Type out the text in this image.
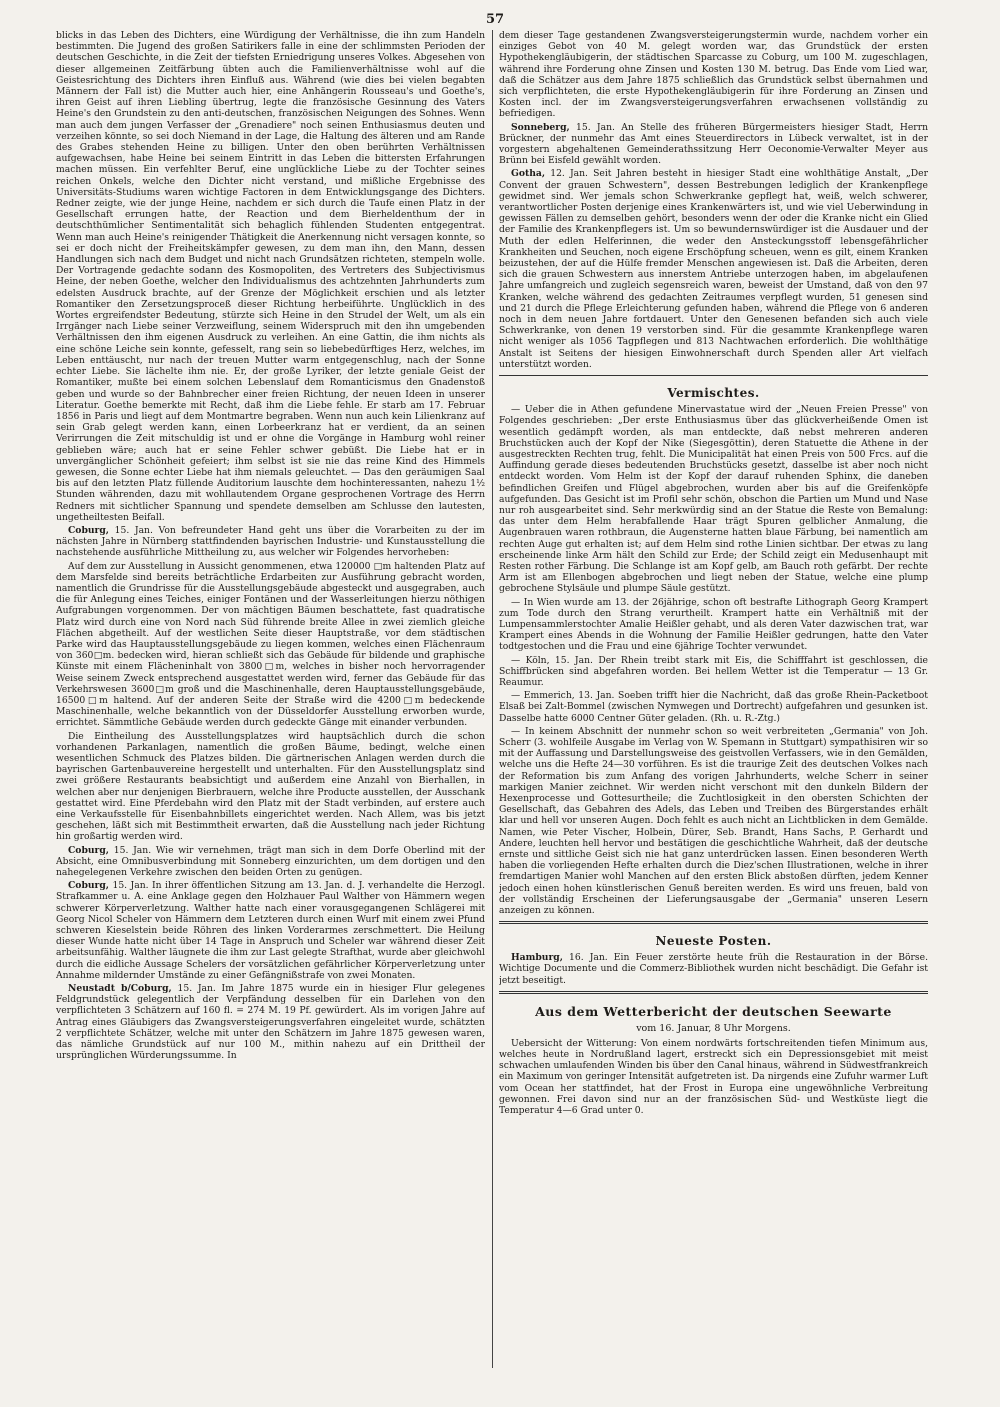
57

blicks in das Leben des Dichters, eine Würdigung der Verhältnisse, die ihn zum Handeln bestimmten. Die Jugend des großen Satirikers falle in eine der schlimmsten Perioden der deutschen Geschichte, in die Zeit der tiefsten Erniedrigung unseres Volkes. Abgesehen von dieser allgemeinen Zeitfärbung übten auch die Familienverhältnisse wohl auf die Geistesrichtung des Dichters ihren Einfluß aus. Während (wie dies bei vielen begabten Männern der Fall ist) die Mutter auch hier, eine Anhängerin Rousseau's und Goethe's, ihren Geist auf ihren Liebling übertrug, legte die französische Gesinnung des Vaters Heine's den Grundstein zu den anti-deutschen, französischen Neigungen des Sohnes. Wenn man auch dem jungen Verfasser der „Grenadiere" noch seinen Enthusiasmus deuten und verzeihen könnte, so sei doch Niemand in der Lage, die Haltung des älteren und am Rande des Grabes stehenden Heine zu billigen. Unter den oben berührten Verhältnissen aufgewachsen, habe Heine bei seinem Eintritt in das Leben die bittersten Erfahrungen machen müssen. Ein verfehlter Beruf, eine unglückliche Liebe zu der Tochter seines reichen Onkels, welche den Dichter nicht verstand, und mißliche Ergebnisse des Universitäts-Studiums waren wichtige Factoren in dem Entwicklungsgange des Dichters. Redner zeigte, wie der junge Heine, nachdem er sich durch die Taufe einen Platz in der Gesellschaft errungen hatte, der Reaction und dem Bierheldenthum der in deutschthümlicher Sentimentalität sich behaglich fühlenden Studenten entgegentrat. Wenn man auch Heine's reinigender Thätigkeit die Anerkennung nicht versagen konnte, so sei er doch nicht der Freiheitskämpfer gewesen, zu dem man ihn, den Mann, dessen Handlungen sich nach dem Budget und nicht nach Grundsätzen richteten, stempeln wolle. Der Vortragende gedachte sodann des Kosmopoliten, des Vertreters des Subjectivismus Heine, der neben Goethe, welcher den Individualismus des achtzehnten Jahrhunderts zum edelsten Ausdruck brachte, auf der Grenze der Möglichkeit erschien und als letzter Romantiker den Zersetzungsproceß dieser Richtung herbeiführte. Unglücklich in des Wortes ergreifendster Bedeutung, stürzte sich Heine in den Strudel der Welt, um als ein Irrgänger nach Liebe seiner Verzweiflung, seinem Widerspruch mit den ihn umgebenden Verhältnissen den ihm eigenen Ausdruck zu verleihen. An eine Gattin, die ihm nichts als eine schöne Leiche sein konnte, gefesselt, rang sein so liebebedürftiges Herz, welches, im Leben enttäuscht, nur nach der treuen Mutter warm entgegenschlug, nach der Sonne echter Liebe. Sie lächelte ihm nie. Er, der große Lyriker, der letzte geniale Geist der Romantiker, mußte bei einem solchen Lebenslauf dem Romanticismus den Gnadenstoß geben und wurde so der Bahnbrecher einer freien Richtung, der neuen Ideen in unserer Literatur. Goethe bemerkte mit Recht, daß ihm die Liebe fehle. Er starb am 17. Februar 1856 in Paris und liegt auf dem Montmartre begraben. Wenn nun auch kein Lilienkranz auf sein Grab gelegt werden kann, einen Lorbeerkranz hat er verdient, da an seinen Verirrungen die Zeit mitschuldig ist und er ohne die Vorgänge in Hamburg wohl reiner geblieben wäre; auch hat er seine Fehler schwer gebüßt. Die Liebe hat er in unvergänglicher Schönheit gefeiert; ihm selbst ist sie nie das reine Kind des Himmels gewesen, die Sonne echter Liebe hat ihm niemals geleuchtet. — Das den geräumigen Saal bis auf den letzten Platz füllende Auditorium lauschte dem hochinteressanten, nahezu 1½ Stunden währenden, dazu mit wohllautendem Organe gesprochenen Vortrage des Herrn Redners mit sichtlicher Spannung und spendete demselben am Schlusse den lautesten, ungetheiltesten Beifall.

Coburg, 15. Jan. Von befreundeter Hand geht uns über die Vorarbeiten zu der im nächsten Jahre in Nürnberg stattfindenden bayrischen Industrie- und Kunstausstellung die nachstehende ausführliche Mittheilung zu, aus welcher wir Folgendes hervorheben:

Auf dem zur Ausstellung in Aussicht genommenen, etwa 120000 □m haltenden Platz auf dem Marsfelde sind bereits beträchtliche Erdarbeiten zur Ausführung gebracht worden, namentlich die Grundrisse für die Ausstellungsgebäude abgesteckt und ausgegraben, auch die für Anlegung eines Teiches, einiger Fontänen und der Wasserleitungen hierzu nöthigen Aufgrabungen vorgenommen. Der von mächtigen Bäumen beschattete, fast quadratische Platz wird durch eine von Nord nach Süd führende breite Allee in zwei ziemlich gleiche Flächen abgetheilt. Auf der westlichen Seite dieser Hauptstraße, vor dem städtischen Parke wird das Hauptausstellungsgebäude zu liegen kommen, welches einen Flächenraum von 360□m. bedecken wird, hieran schließt sich das Gebäude für bildende und graphische Künste mit einem Flächeninhalt von 3800□m, welches in bisher noch hervorragender Weise seinem Zweck entsprechend ausgestattet werden wird, ferner das Gebäude für das Verkehrswesen 3600□m groß und die Maschinenhalle, deren Hauptausstellungsgebäude, 16500□m haltend. Auf der anderen Seite der Straße wird die 4200□m bedeckende Maschinenhalle, welche bekanntlich von der Düsseldorfer Ausstellung erworben wurde, errichtet. Sämmtliche Gebäude werden durch gedeckte Gänge mit einander verbunden.

Die Eintheilung des Ausstellungsplatzes wird hauptsächlich durch die schon vorhandenen Parkanlagen, namentlich die großen Bäume, bedingt, welche einen wesentlichen Schmuck des Platzes bilden. Die gärtnerischen Anlagen werden durch die bayrischen Gartenbauvereine hergestellt und unterhalten. Für den Ausstellungsplatz sind zwei größere Restaurants beabsichtigt und außerdem eine Anzahl von Bierhallen, in welchen aber nur denjenigen Bierbrauern, welche ihre Producte ausstellen, der Ausschank gestattet wird. Eine Pferdebahn wird den Platz mit der Stadt verbinden, auf erstere auch eine Verkaufsstelle für Eisenbahnbillets eingerichtet werden. Nach Allem, was bis jetzt geschehen, läßt sich mit Bestimmtheit erwarten, daß die Ausstellung nach jeder Richtung hin großartig werden wird.

Coburg, 15. Jan. Wie wir vernehmen, trägt man sich in dem Dorfe Oberlind mit der Absicht, eine Omnibusverbindung mit Sonneberg einzurichten, um dem dortigen und den nahegelegenen Verkehre zwischen den beiden Orten zu genügen.

Coburg, 15. Jan. In ihrer öffentlichen Sitzung am 13. Jan. d. J. verhandelte die Herzogl. Strafkammer u. A. eine Anklage gegen den Holzhauer Paul Walther von Hämmern wegen schwerer Körperverletzung. Walther hatte nach einer vorausgegangenen Schlägerei mit Georg Nicol Scheler von Hämmern dem Letzteren durch einen Wurf mit einem zwei Pfund schweren Kieselstein beide Röhren des linken Vorderarmes zerschmettert. Die Heilung dieser Wunde hatte nicht über 14 Tage in Anspruch und Scheler war während dieser Zeit arbeitsunfähig. Walther läugnete die ihm zur Last gelegte Strafthat, wurde aber gleichwohl durch die eidliche Aussage Schelers der vorsätzlichen gefährlicher Körperverletzung unter Annahme mildernder Umstände zu einer Gefängnißstrafe von zwei Monaten.

Neustadt b/Coburg, 15. Jan. Im Jahre 1875 wurde ein in hiesiger Flur gelegenes Feldgrundstück gelegentlich der Verpfändung desselben für ein Darlehen von den verpflichteten 3 Schätzern auf 160 fl. = 274 M. 19 Pf. gewürdert. Als im vorigen Jahre auf Antrag eines Gläubigers das Zwangsversteigerungsverfahren eingeleitet wurde, schätzten 2 verpflichtete Schätzer, welche mit unter den Schätzern im Jahre 1875 gewesen waren, das nämliche Grundstück auf nur 100 M., mithin nahezu auf ein Drittheil der ursprünglichen Würderungssumme. In

dem dieser Tage gestandenen Zwangsversteigerungstermin wurde, nachdem vorher ein einziges Gebot von 40 M. gelegt worden war, das Grundstück der ersten Hypothekengläubigerin, der städtischen Sparcasse zu Coburg, um 100 M. zugeschlagen, während ihre Forderung ohne Zinsen und Kosten 130 M. betrug. Das Ende vom Lied war, daß die Schätzer aus dem Jahre 1875 schließlich das Grundstück selbst übernahmen und sich verpflichteten, die erste Hypothekengläubigerin für ihre Forderung an Zinsen und Kosten incl. der im Zwangsversteigerungsverfahren erwachsenen vollständig zu befriedigen.

Sonneberg, 15. Jan. An Stelle des früheren Bürgermeisters hiesiger Stadt, Herrn Brückner, der nunmehr das Amt eines Steuerdirectors in Lübeck verwaltet, ist in der vorgestern abgehaltenen Gemeinderathssitzung Herr Oeconomie-Verwalter Meyer aus Brünn bei Eisfeld gewählt worden.

Gotha, 12. Jan. Seit Jahren besteht in hiesiger Stadt eine wohlthätige Anstalt, „Der Convent der grauen Schwestern", dessen Bestrebungen lediglich der Krankenpflege gewidmet sind. Wer jemals schon Schwerkranke gepflegt hat, weiß, welch schwerer, verantwortlicher Posten derjenige eines Krankenwärters ist, und wie viel Ueberwindung in gewissen Fällen zu demselben gehört, besonders wenn der oder die Kranke nicht ein Glied der Familie des Krankenpflegers ist. Um so bewundernswürdiger ist die Ausdauer und der Muth der edlen Helferinnen, die weder den Ansteckungsstoff lebensgefährlicher Krankheiten und Seuchen, noch eigene Erschöpfung scheuen, wenn es gilt, einem Kranken beizustehen, der auf die Hülfe fremder Menschen angewiesen ist. Daß die Arbeiten, deren sich die grauen Schwestern aus innerstem Antriebe unterzogen haben, im abgelaufenen Jahre umfangreich und zugleich segensreich waren, beweist der Umstand, daß von den 97 Kranken, welche während des gedachten Zeitraumes verpflegt wurden, 51 genesen sind und 21 durch die Pflege Erleichterung gefunden haben, während die Pflege von 6 anderen noch in dem neuen Jahre fortdauert. Unter den Genesenen befanden sich auch viele Schwerkranke, von denen 19 verstorben sind. Für die gesammte Krankenpflege waren nicht weniger als 1056 Tagpflegen und 813 Nachtwachen erforderlich. Die wohlthätige Anstalt ist Seitens der hiesigen Einwohnerschaft durch Spenden aller Art vielfach unterstützt worden.

Vermischtes.

— Ueber die in Athen gefundene Minervastatue wird der „Neuen Freien Presse" von Folgendes geschrieben: „Der erste Enthusiasmus über das glückverheißende Omen ist wesentlich gedämpft worden, als man entdeckte, daß nebst mehreren anderen Bruchstücken auch der Kopf der Nike (Siegesgöttin), deren Statuette die Athene in der ausgestreckten Rechten trug, fehlt. Die Municipalität hat einen Preis von 500 Frcs. auf die Auffindung gerade dieses bedeutenden Bruchstücks gesetzt, dasselbe ist aber noch nicht entdeckt worden. Vom Helm ist der Kopf der darauf ruhenden Sphinx, die daneben befindlichen Greifen und Flügel abgebrochen, wurden aber bis auf die Greifenköpfe aufgefunden. Das Gesicht ist im Profil sehr schön, obschon die Partien um Mund und Nase nur roh ausgearbeitet sind. Sehr merkwürdig sind an der Statue die Reste von Bemalung: das unter dem Helm herabfallende Haar trägt Spuren gelblicher Anmalung, die Augenbrauen waren rothbraun, die Augensterne hatten blaue Färbung, bei namentlich am rechten Auge gut erhalten ist; auf dem Helm sind rothe Linien sichtbar. Der etwas zu lang erscheinende linke Arm hält den Schild zur Erde; der Schild zeigt ein Medusenhaupt mit Resten rother Färbung. Die Schlange ist am Kopf gelb, am Bauch roth gefärbt. Der rechte Arm ist am Ellenbogen abgebrochen und liegt neben der Statue, welche eine plump gebrochene Stylsäule und plumpe Säule gestützt.

— In Wien wurde am 13. der 26jährige, schon oft bestrafte Lithograph Georg Krampert zum Tode durch den Strang verurtheilt. Krampert hatte ein Verhältniß mit der Lumpensammlerstochter Amalie Heißler gehabt, und als deren Vater dazwischen trat, war Krampert eines Abends in die Wohnung der Familie Heißler gedrungen, hatte den Vater todtgestochen und die Frau und eine 6jährige Tochter verwundet.

— Köln, 15. Jan. Der Rhein treibt stark mit Eis, die Schifffahrt ist geschlossen, die Schiffbrücken sind abgefahren worden. Bei hellem Wetter ist die Temperatur — 13 Gr. Reaumur.

— Emmerich, 13. Jan. Soeben trifft hier die Nachricht, daß das große Rhein-Packetboot Elsaß bei Zalt-Bommel (zwischen Nymwegen und Dortrecht) aufgefahren und gesunken ist. Dasselbe hatte 6000 Centner Güter geladen. (Rh. u. R.-Ztg.)

— In keinem Abschnitt der nunmehr schon so weit verbreiteten „Germania" von Joh. Scherr (3. wohlfeile Ausgabe im Verlag von W. Spemann in Stuttgart) sympathisiren wir so mit der Auffassung und Darstellungsweise des geistvollen Verfassers, wie in den Gemälden, welche uns die Hefte 24—30 vorführen. Es ist die traurige Zeit des deutschen Volkes nach der Reformation bis zum Anfang des vorigen Jahrhunderts, welche Scherr in seiner markigen Manier zeichnet. Wir werden nicht verschont mit den dunkeln Bildern der Hexenprocesse und Gottesurtheile; die Zuchtlosigkeit in den obersten Schichten der Gesellschaft, das Gebahren des Adels, das Leben und Treiben des Bürgerstandes erhält klar und hell vor unseren Augen. Doch fehlt es auch nicht an Lichtblicken in dem Gemälde. Namen, wie Peter Vischer, Holbein, Dürer, Seb. Brandt, Hans Sachs, P. Gerhardt und Andere, leuchten hell hervor und bestätigen die geschichtliche Wahrheit, daß der deutsche ernste und sittliche Geist sich nie hat ganz unterdrücken lassen. Einen besonderen Werth haben die vorliegenden Hefte erhalten durch die Diez'schen Illustrationen, welche in ihrer fremdartigen Manier wohl Manchen auf den ersten Blick abstoßen dürften, jedem Kenner jedoch einen hohen künstlerischen Genuß bereiten werden. Es wird uns freuen, bald von der vollständig Erscheinen der Lieferungsausgabe der „Germania" unseren Lesern anzeigen zu können.

Neueste Posten.

Hamburg, 16. Jan. Ein Feuer zerstörte heute früh die Restauration in der Börse. Wichtige Documente und die Commerz-Bibliothek wurden nicht beschädigt. Die Gefahr ist jetzt beseitigt.

Aus dem Wetterbericht der deutschen Seewarte
vom 16. Januar, 8 Uhr Morgens.

Uebersicht der Witterung: Von einem nordwärts fortschreitenden tiefen Minimum aus, welches heute in Nordrußland lagert, erstreckt sich ein Depressionsgebiet mit meist schwachen umlaufenden Winden bis über den Canal hinaus, während in Südwestfrankreich ein Maximum von geringer Intensität aufgetreten ist. Da nirgends eine Zufuhr warmer Luft vom Ocean her stattfindet, hat der Frost in Europa eine ungewöhnliche Verbreitung gewonnen. Frei davon sind nur an der französischen Süd- und Westküste liegt die Temperatur 4—6 Grad unter 0.
